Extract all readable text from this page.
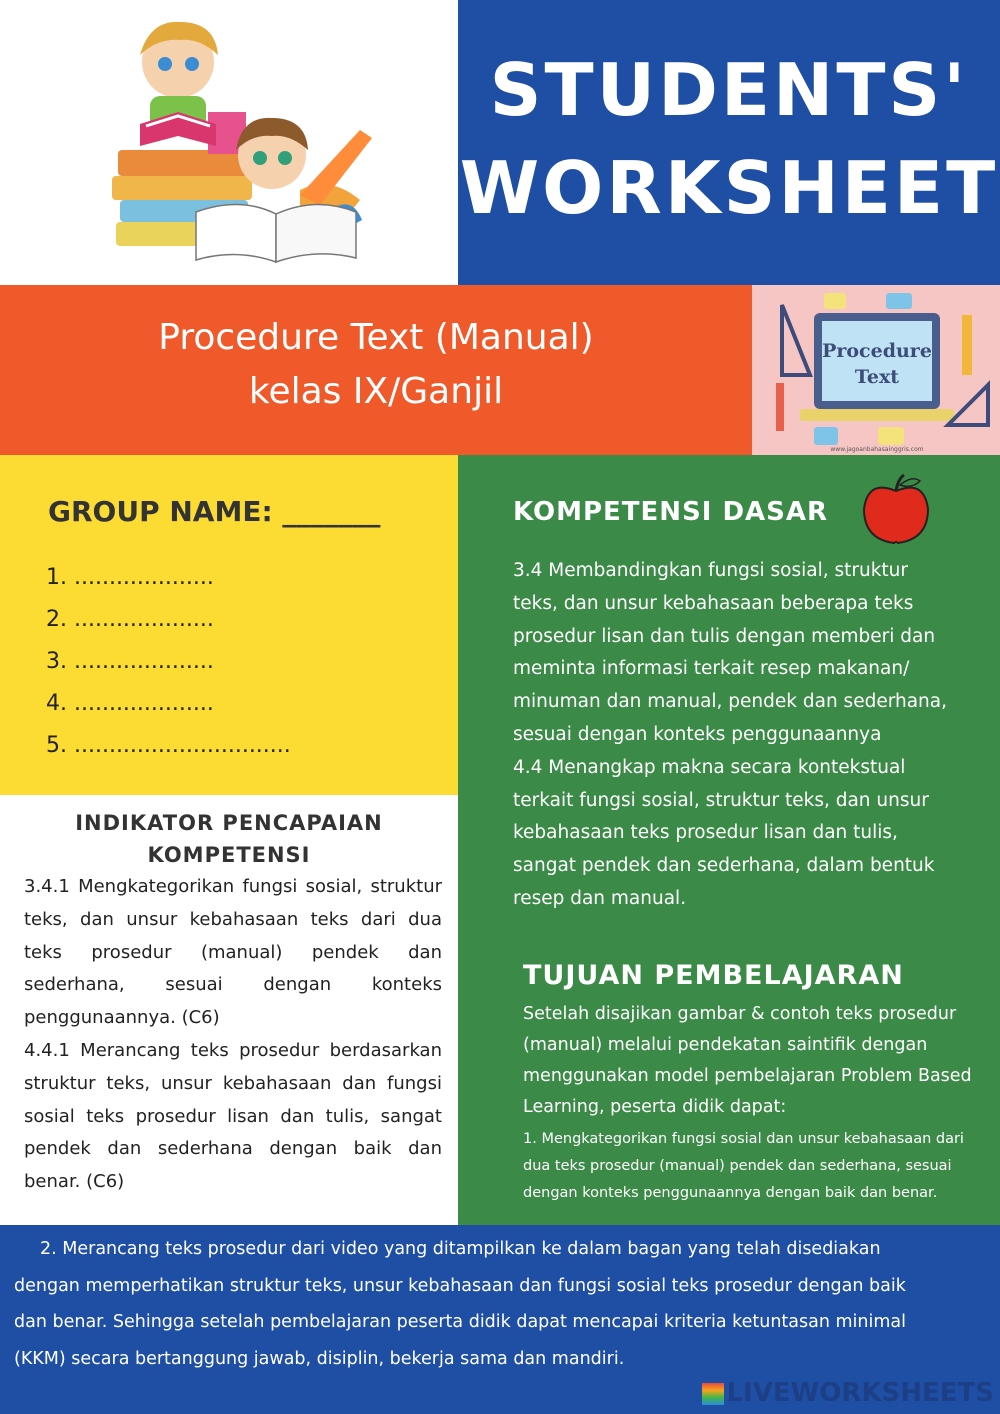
STUDENTS'
WORKSHEET
Procedure Text (Manual)
kelas IX/Ganjil
Procedure
Text
www.jagoanbahasainggris.com
GROUP NAME: _______
1. ....................
2. ....................
3. ....................
4. ....................
5. ...............................
KOMPETENSI DASAR
3.4 Membandingkan fungsi sosial, struktur teks, dan unsur kebahasaan beberapa teks prosedur lisan dan tulis dengan memberi dan meminta informasi terkait resep makanan/ minuman dan manual, pendek dan sederhana, sesuai dengan konteks penggunaannya
4.4 Menangkap makna secara kontekstual terkait fungsi sosial, struktur teks, dan unsur kebahasaan teks prosedur lisan dan tulis, sangat pendek dan sederhana, dalam bentuk resep dan manual.
TUJUAN PEMBELAJARAN
Setelah disajikan gambar & contoh teks prosedur (manual) melalui pendekatan saintifik dengan menggunakan model pembelajaran Problem Based Learning, peserta didik dapat:
1. Mengkategorikan fungsi sosial dan unsur kebahasaan dari dua teks prosedur (manual) pendek dan sederhana, sesuai dengan konteks penggunaannya dengan baik dan benar.
INDIKATOR PENCAPAIAN
KOMPETENSI
3.4.1 Mengkategorikan fungsi sosial, struktur teks, dan unsur kebahasaan teks dari dua teks prosedur (manual) pendek dan sederhana, sesuai dengan konteks penggunaannya. (C6)
4.4.1 Merancang teks prosedur berdasarkan struktur teks, unsur kebahasaan dan fungsi sosial teks prosedur lisan dan tulis, sangat pendek dan sederhana dengan baik dan benar. (C6)
2. Merancang teks prosedur dari video yang ditampilkan ke dalam bagan yang telah disediakan dengan memperhatikan struktur teks, unsur kebahasaan dan fungsi sosial teks prosedur dengan baik dan benar. Sehingga setelah pembelajaran peserta didik dapat mencapai kriteria ketuntasan minimal (KKM) secara bertanggung jawab, disiplin, bekerja sama dan mandiri.
LIVEWORKSHEETS
